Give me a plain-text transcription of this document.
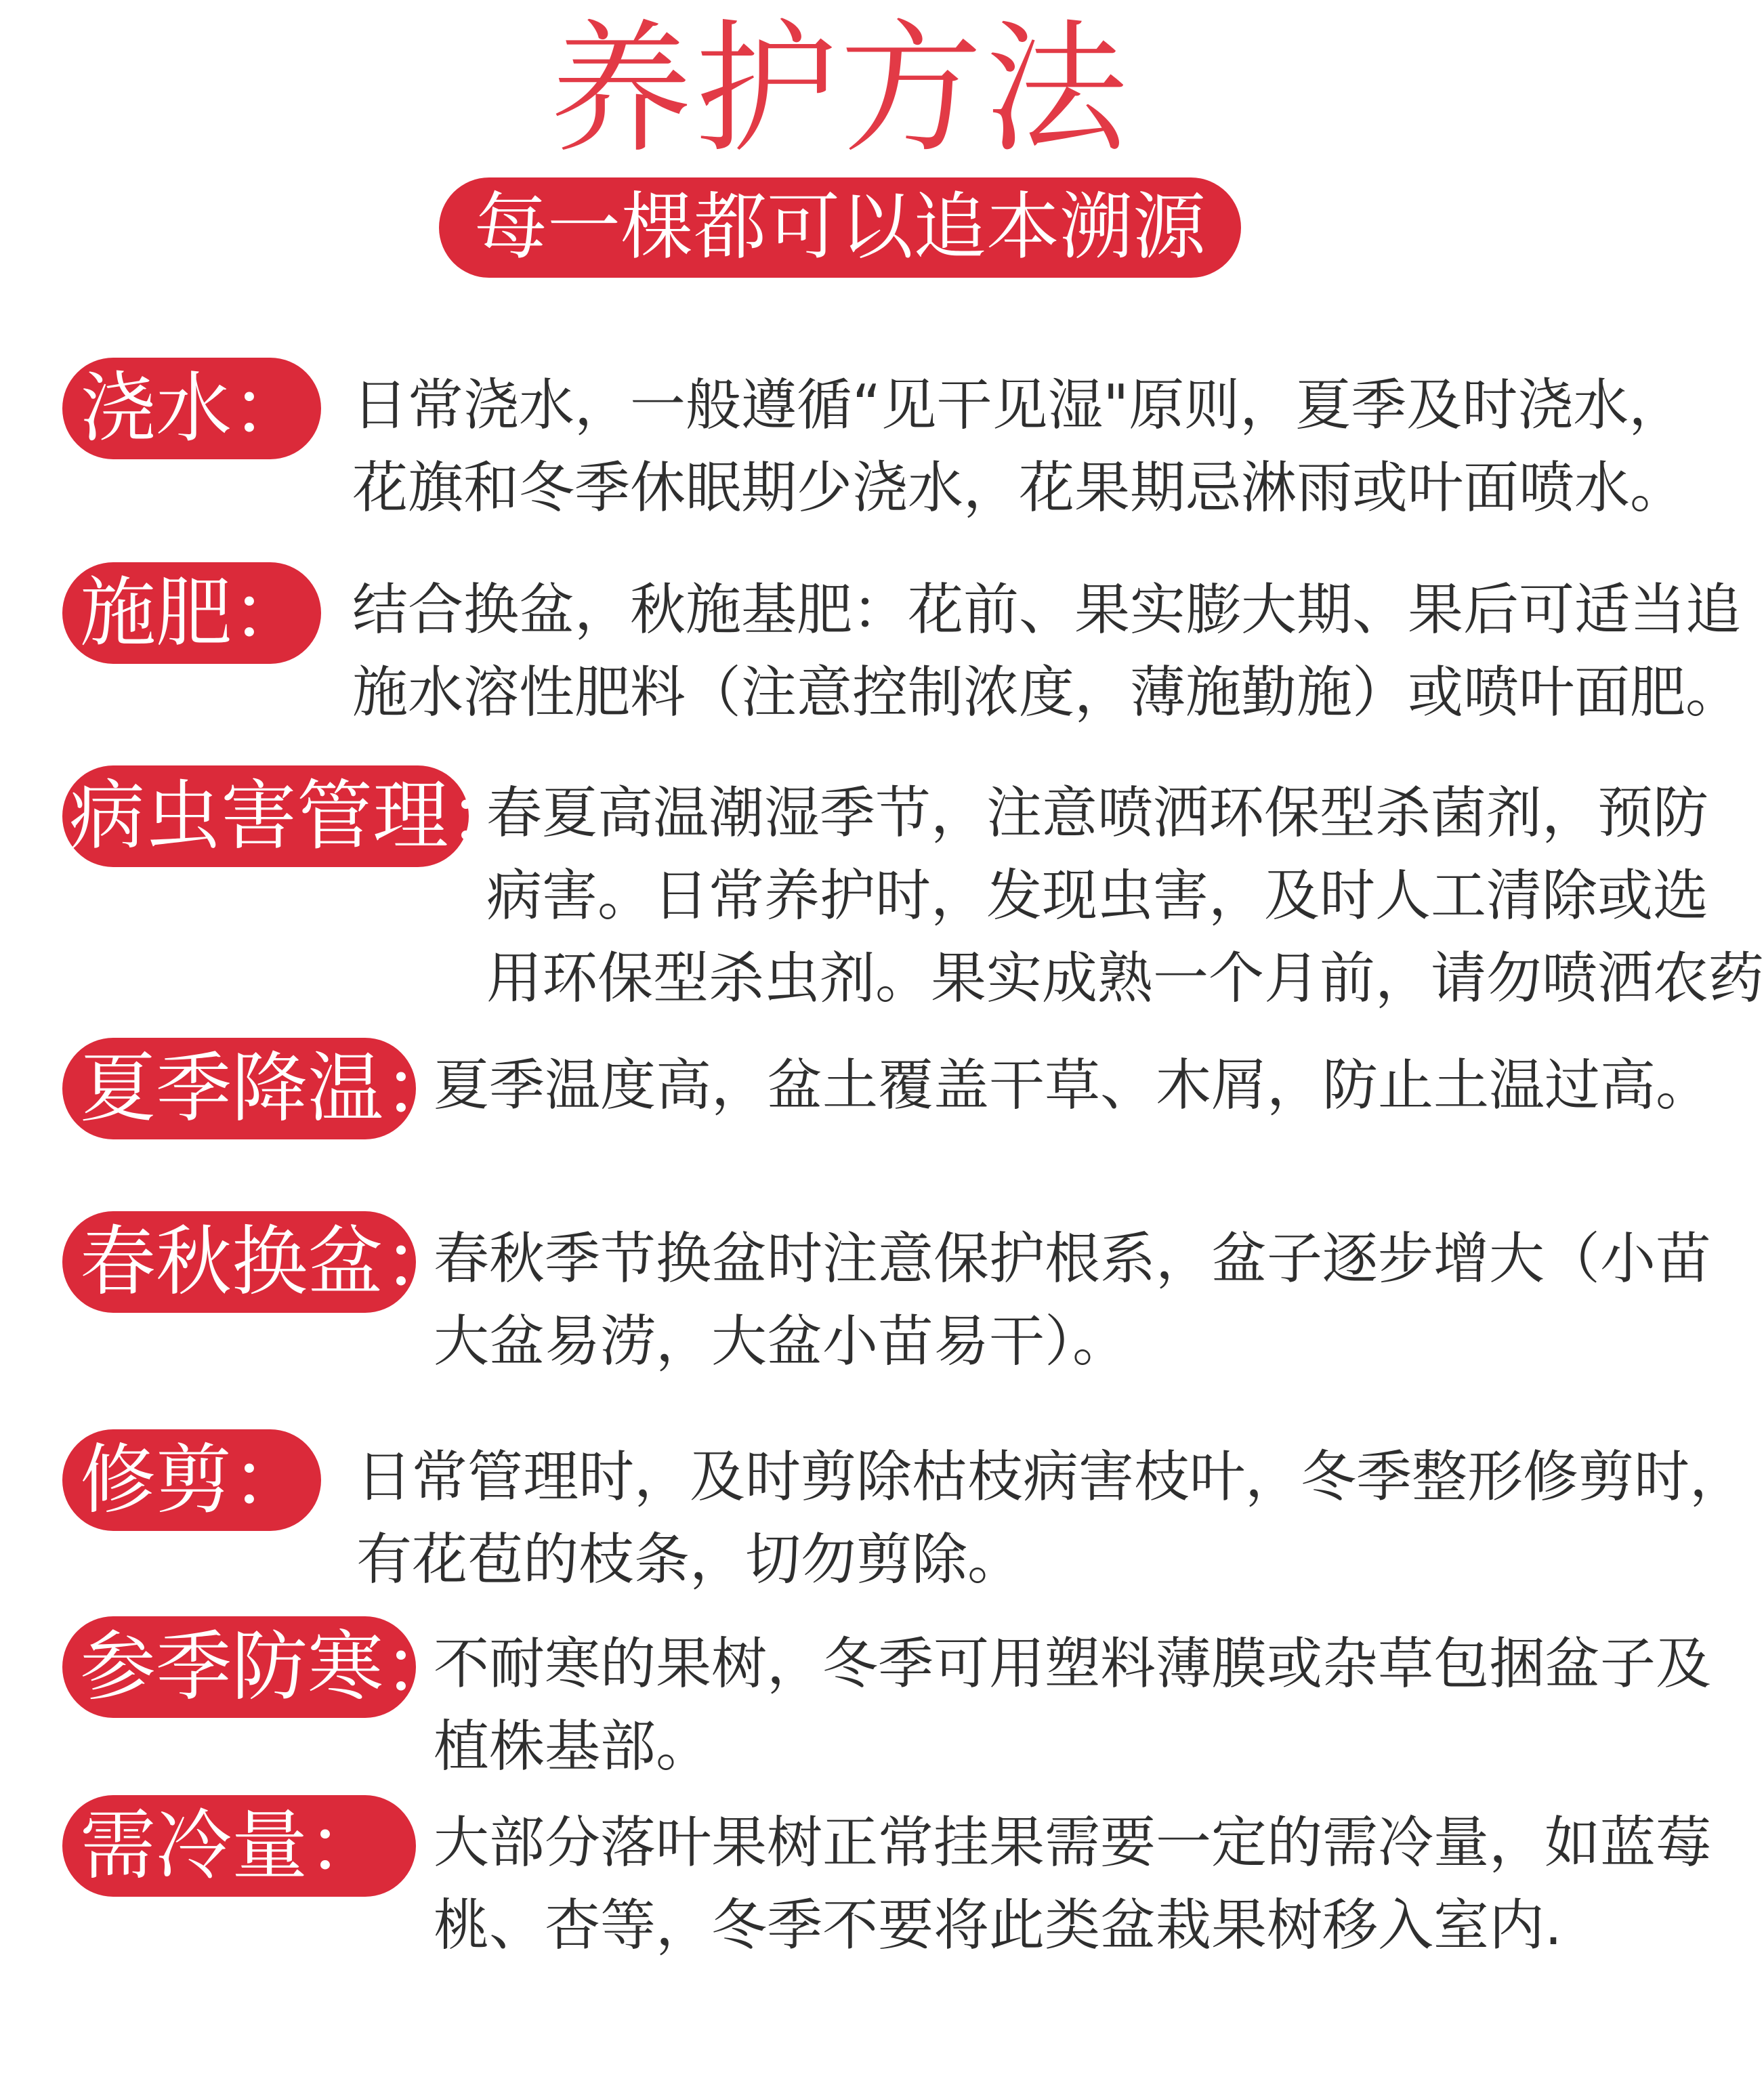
养护方法
每一棵都可以追本溯源
浇水： 日常浇水，一般遵循“见干见湿"原则，夏季及时浇水，
花旗和冬季休眠期少浇水，花果期忌淋雨或叶面喷水。
施肥： 结合换盆，秋施基肥：花前、果实膨大期、果后可适当追
施水溶性肥料（注意控制浓度，薄施勤施）或喷叶面肥。
病虫害管理：
春夏高温潮湿季节，注意喷洒环保型杀菌剂，预防
病害。日常养护时，发现虫害，及时人工清除或选
用环保型杀虫剂。果实成熟一个月前，请勿喷洒农药
夏季降温：
夏季温度高，盆土覆盖干草、木屑，防止土温过高。
春秋换盆：
春秋季节换盆时注意保护根系，盆子逐步增大（小苗
大盆易涝，大盆小苗易干）。
修剪： 日常管理时，及时剪除枯枝病害枝叶，冬季整形修剪时，
有花苞的枝条，切勿剪除。
参季防寒：
不耐寒的果树，冬季可用塑料薄膜或杂草包捆盆子及
植株基部。
需冷量： 大部分落叶果树正常挂果需要一定的需冷量，如蓝莓
桃、杏等，冬季不要将此类盆栽果树移入室内.
